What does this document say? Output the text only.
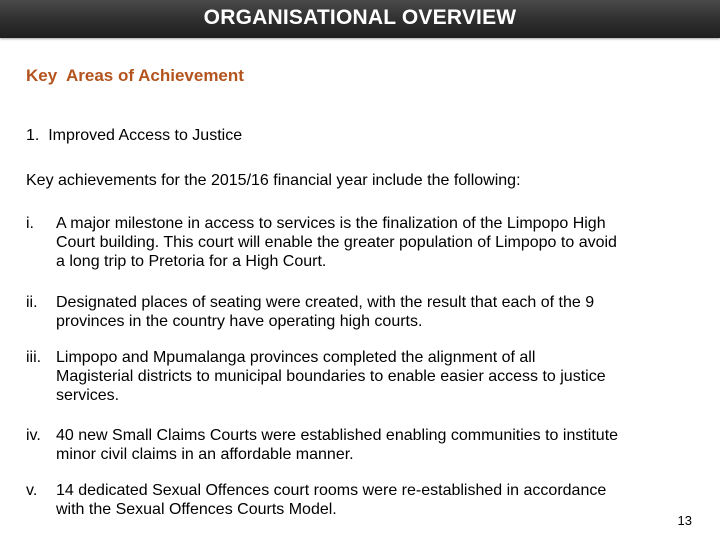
ORGANISATIONAL OVERVIEW
Key  Areas of Achievement
1.  Improved Access to Justice
Key achievements for the 2015/16 financial year include the following:
i. A major milestone in access to services is the finalization of the Limpopo High
Court building. This court will enable the greater population of Limpopo to avoid
a long trip to Pretoria for a High Court.
ii. Designated places of seating were created, with the result that each of the 9
provinces in the country have operating high courts.
iii. Limpopo and Mpumalanga provinces completed the alignment of all
Magisterial districts to municipal boundaries to enable easier access to justice
services.
iv. 40 new Small Claims Courts were established enabling communities to institute
minor civil claims in an affordable manner.
v. 14 dedicated Sexual Offences court rooms were re-established in accordance
with the Sexual Offences Courts Model.
13
